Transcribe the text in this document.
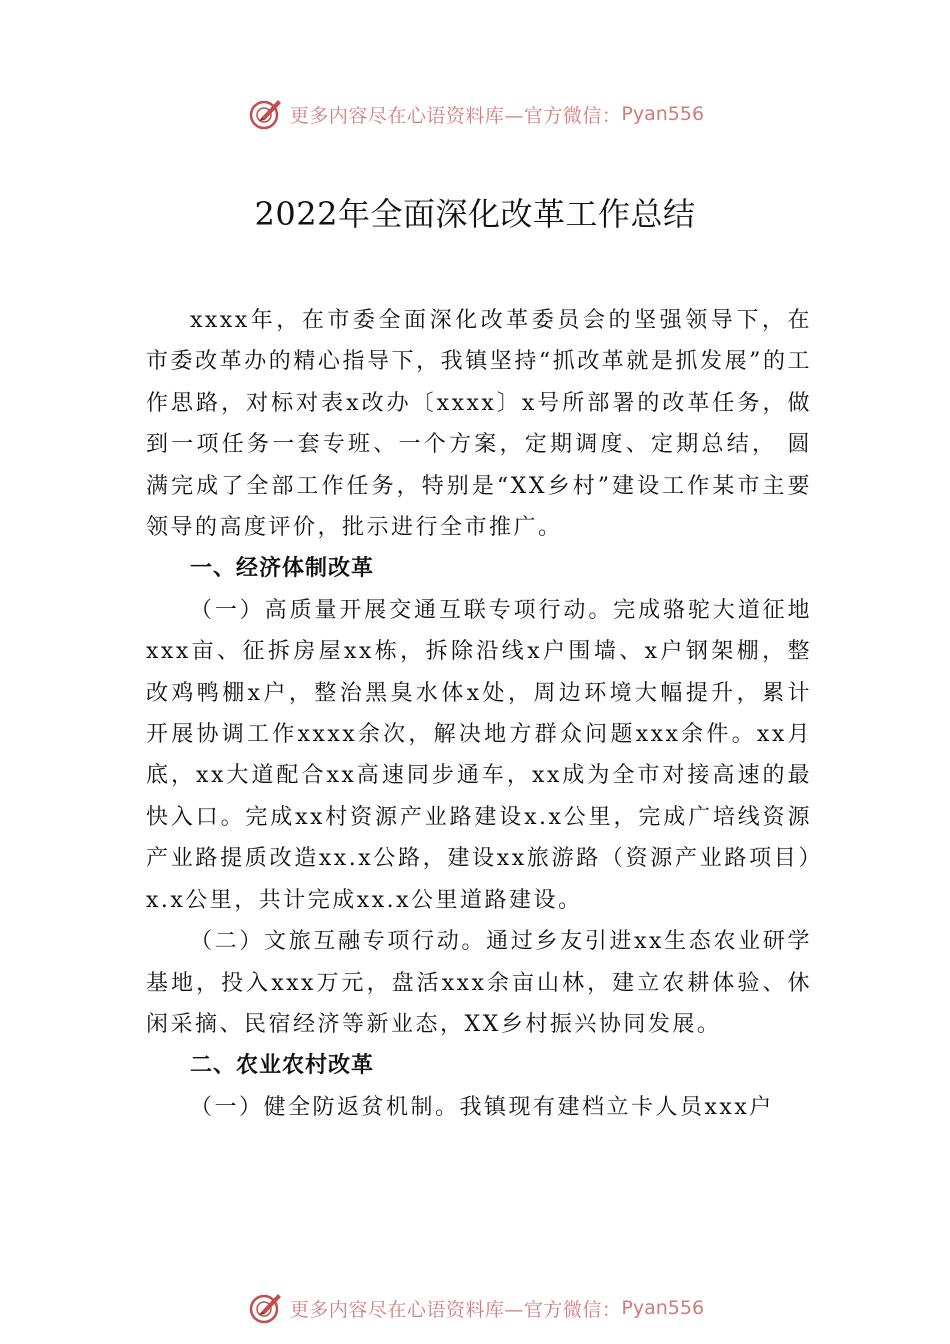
更多内容尽在心语资料库—官方微信： Pyan556
2022年全面深化改革工作总结

xxxx年，在市委全面深化改革委员会的坚强领导下，在市委改革办的精心指导下，我镇坚持“抓改革就是抓发展”的工作思路，对标对表x改办〔xxxx〕x号所部署的改革任务，做到一项任务一套专班、一个方案，定期调度、定期总结， 圆满完成了全部工作任务，特别是“XX乡村”建设工作某市主要领导的高度评价，批示进行全市推广。

一、经济体制改革

（一）高质量开展交通互联专项行动。完成骆驼大道征地xxx亩、征拆房屋xx栋，拆除沿线x户围墙、x户钢架棚，整改鸡鸭棚x户，整治黑臭水体x处，周边环境大幅提升，累计开展协调工作xxxx余次，解决地方群众问题xxx余件。xx月底，xx大道配合xx高速同步通车，xx成为全市对接高速的最快入口。完成xx村资源产业路建设x.x公里，完成广培线资源产业路提质改造xx.x公路，建设xx旅游路（资源产业路项目）x.x公里，共计完成xx.x公里道路建设。

（二）文旅互融专项行动。通过乡友引进xx生态农业研学基地，投入xxx万元，盘活xxx余亩山林，建立农耕体验、休闲采摘、民宿经济等新业态，XX乡村振兴协同发展。

二、农业农村改革

（一）健全防返贫机制。我镇现有建档立卡人员xxx户

更多内容尽在心语资料库—官方微信： Pyan556
